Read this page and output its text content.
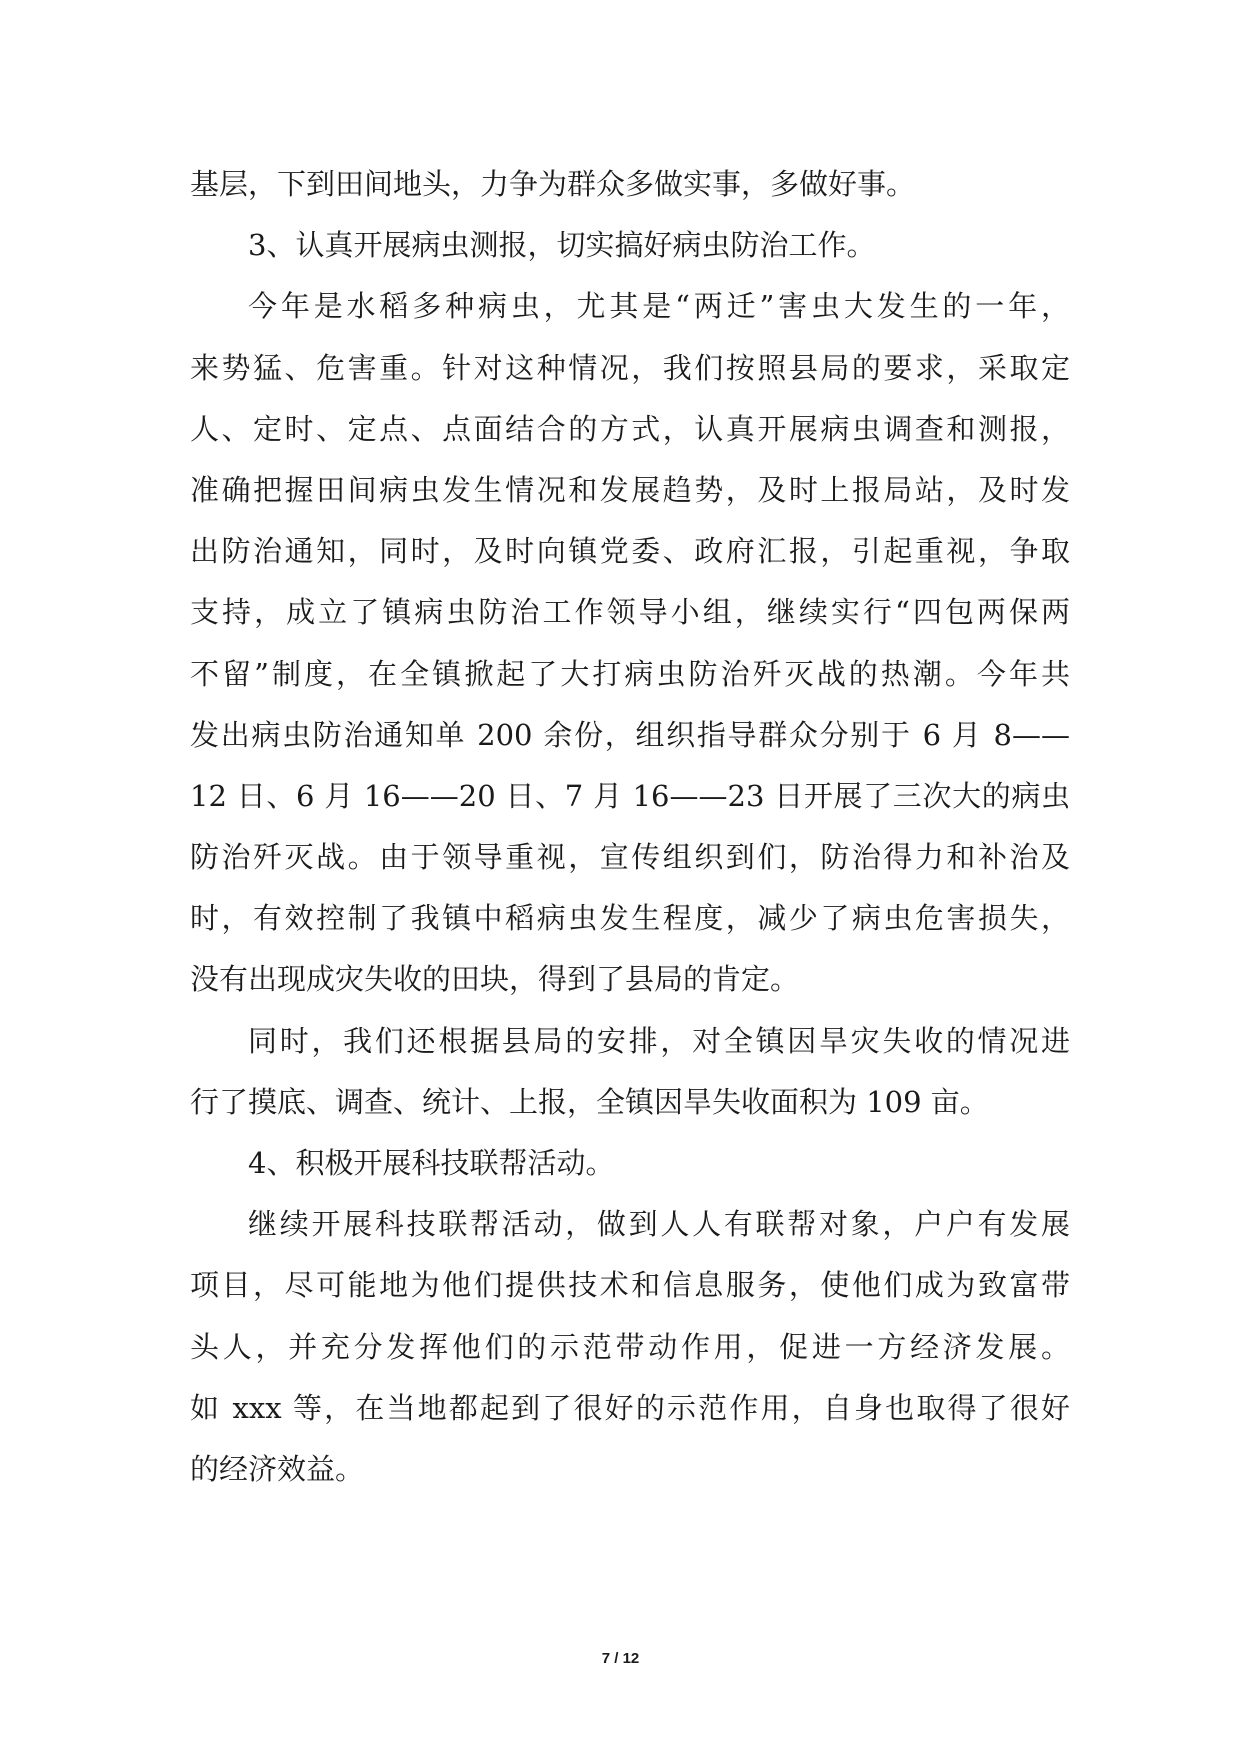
基层，下到田间地头，力争为群众多做实事，多做好事。
3、认真开展病虫测报，切实搞好病虫防治工作。
今年是水稻多种病虫，尤其是“两迁”害虫大发生的一年，
来势猛、危害重。针对这种情况，我们按照县局的要求，采取定
人、定时、定点、点面结合的方式，认真开展病虫调查和测报，
准确把握田间病虫发生情况和发展趋势，及时上报局站，及时发
出防治通知，同时，及时向镇党委、政府汇报，引起重视，争取
支持，成立了镇病虫防治工作领导小组，继续实行“四包两保两
不留”制度，在全镇掀起了大打病虫防治歼灭战的热潮。今年共
发出病虫防治通知单 200 余份，组织指导群众分别于 6 月 8——
12 日、6 月 16——20 日、7 月 16——23 日开展了三次大的病虫
防治歼灭战。由于领导重视，宣传组织到们，防治得力和补治及
时，有效控制了我镇中稻病虫发生程度，减少了病虫危害损失，
没有出现成灾失收的田块，得到了县局的肯定。
同时，我们还根据县局的安排，对全镇因旱灾失收的情况进
行了摸底、调查、统计、上报，全镇因旱失收面积为 109 亩。
4、积极开展科技联帮活动。
继续开展科技联帮活动，做到人人有联帮对象，户户有发展
项目，尽可能地为他们提供技术和信息服务，使他们成为致富带
头人，并充分发挥他们的示范带动作用，促进一方经济发展。
如 xxx 等，在当地都起到了很好的示范作用，自身也取得了很好
的经济效益。
7 / 12
